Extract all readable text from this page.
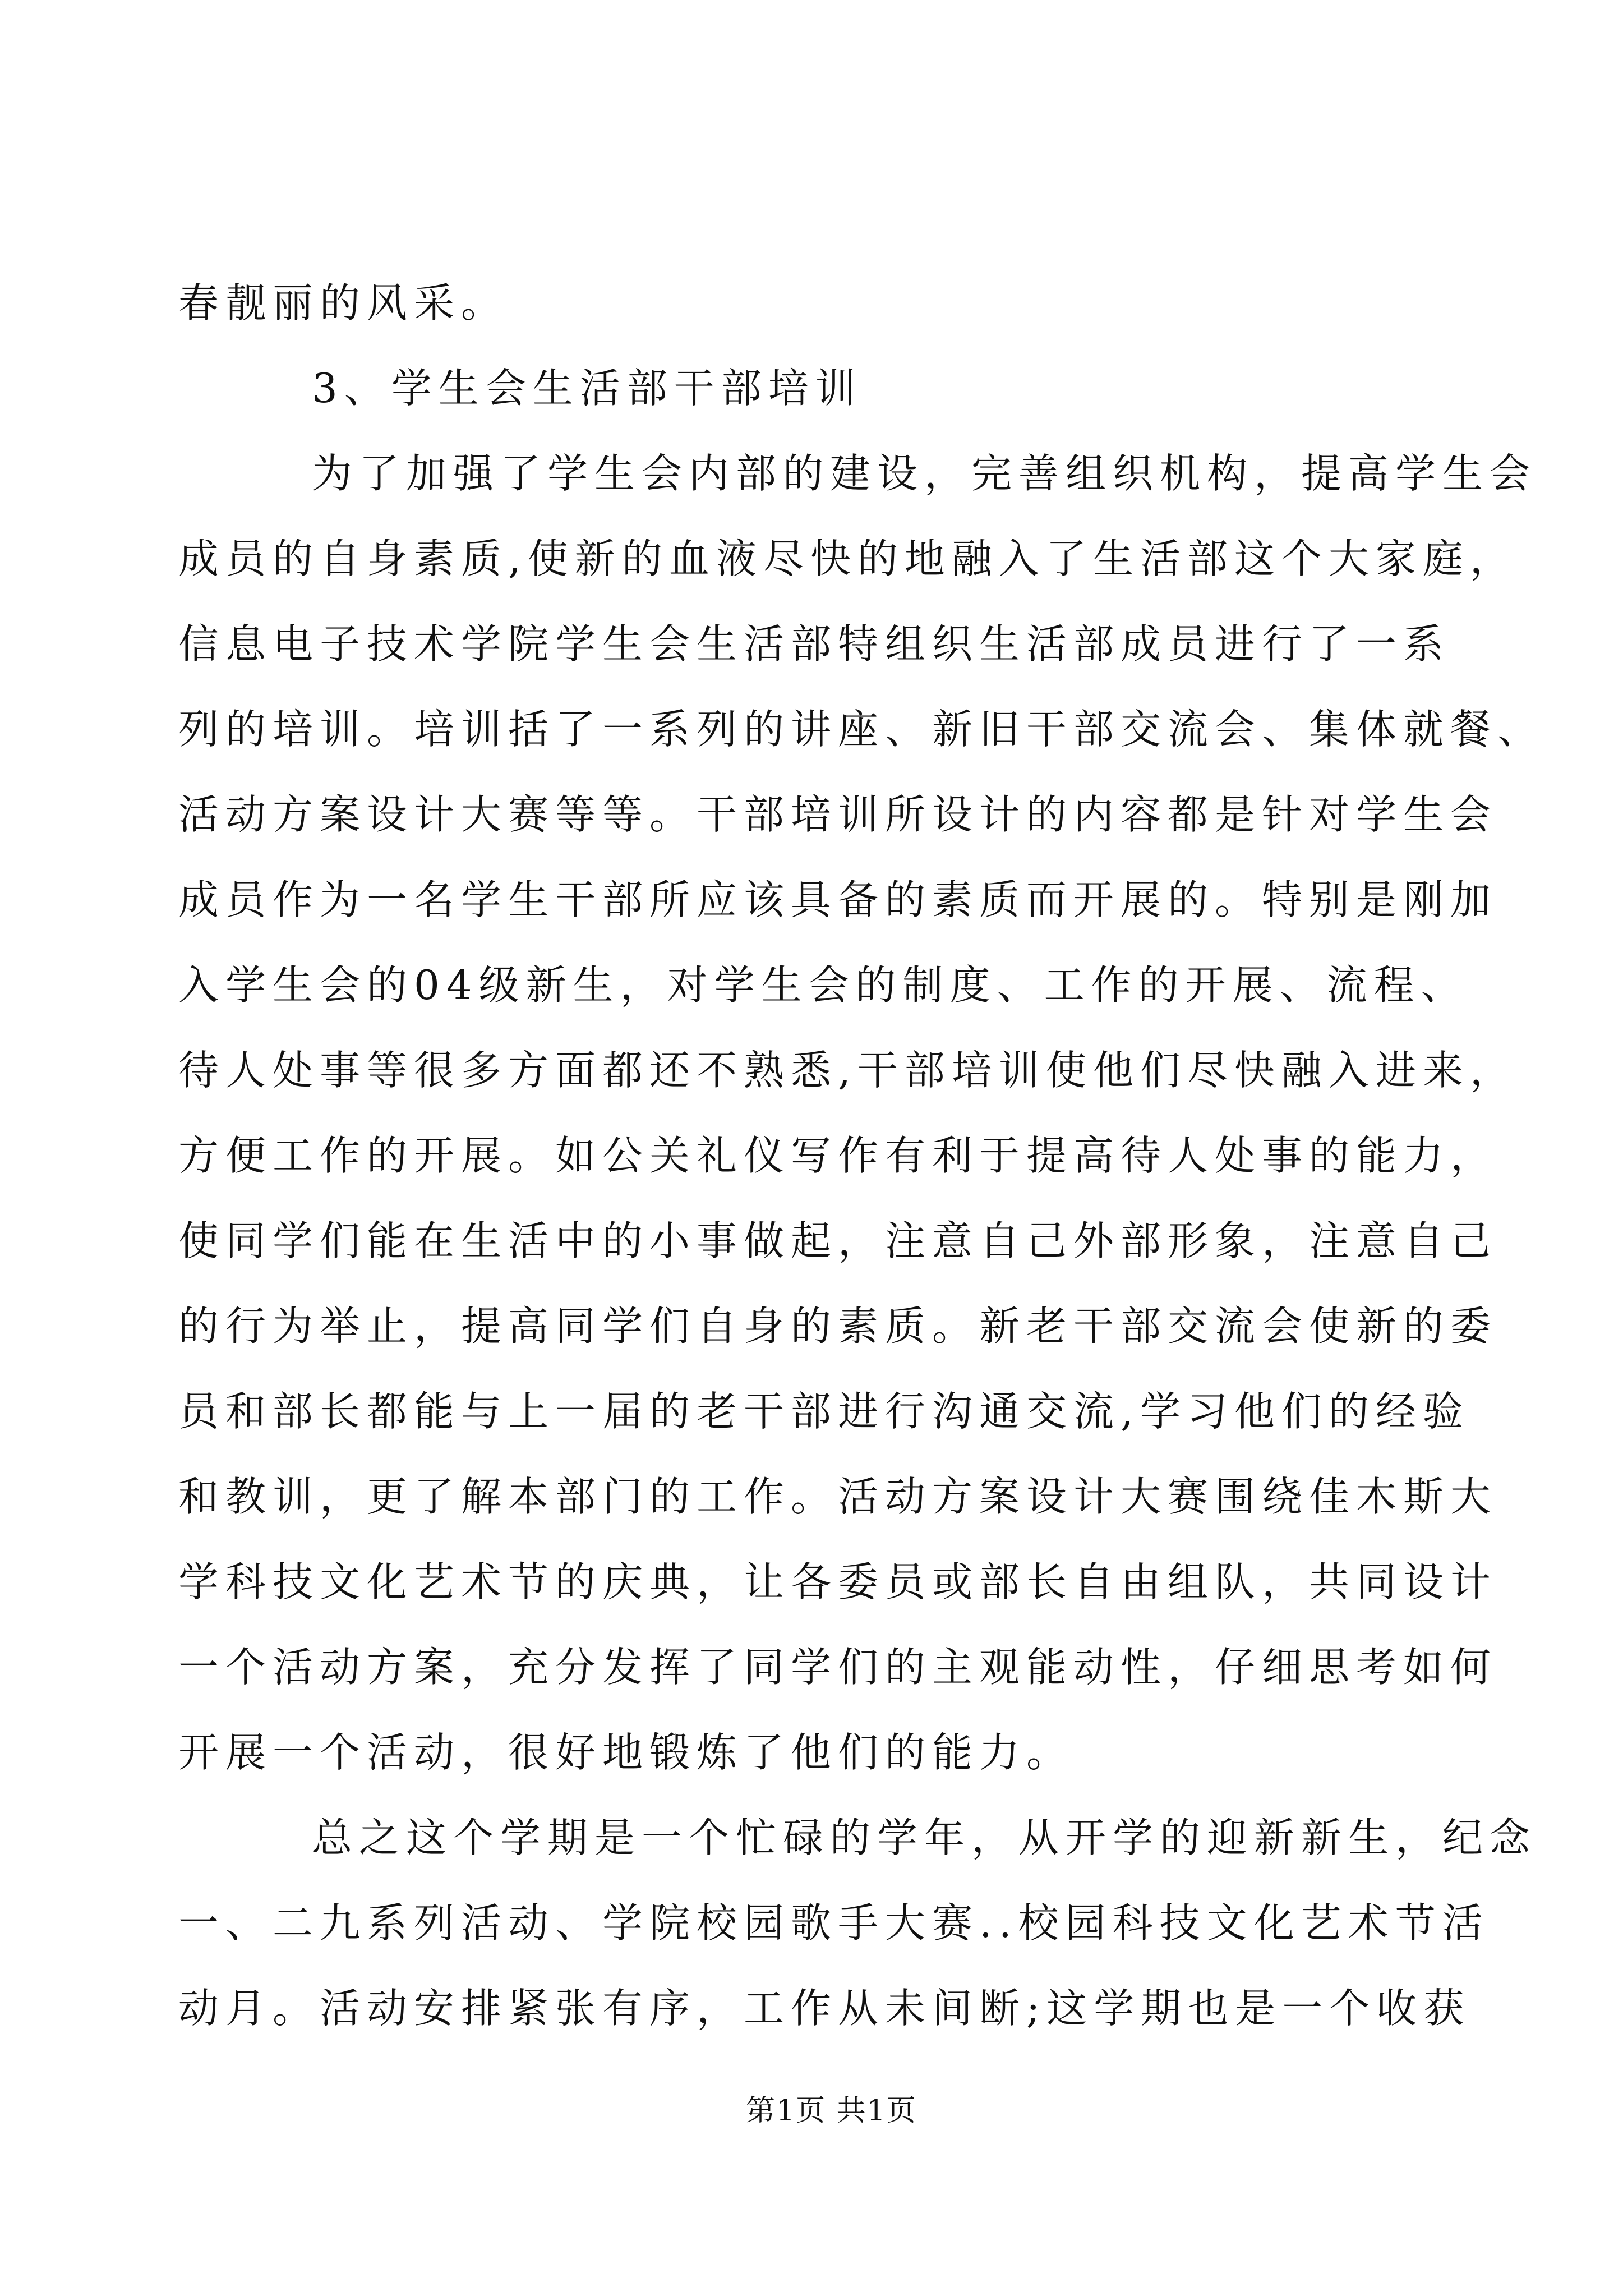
春靓丽的风采。
3、学生会生活部干部培训
为了加强了学生会内部的建设，完善组织机构，提高学生会
成员的自身素质,使新的血液尽快的地融入了生活部这个大家庭，
信息电子技术学院学生会生活部特组织生活部成员进行了一系
列的培训。培训括了一系列的讲座、新旧干部交流会、集体就餐、
活动方案设计大赛等等。干部培训所设计的内容都是针对学生会
成员作为一名学生干部所应该具备的素质而开展的。特别是刚加
入学生会的04级新生，对学生会的制度、工作的开展、流程、
待人处事等很多方面都还不熟悉,干部培训使他们尽快融入进来，
方便工作的开展。如公关礼仪写作有利于提高待人处事的能力，
使同学们能在生活中的小事做起，注意自己外部形象，注意自己
的行为举止，提高同学们自身的素质。新老干部交流会使新的委
员和部长都能与上一届的老干部进行沟通交流,学习他们的经验
和教训，更了解本部门的工作。活动方案设计大赛围绕佳木斯大
学科技文化艺术节的庆典，让各委员或部长自由组队，共同设计
一个活动方案，充分发挥了同学们的主观能动性，仔细思考如何
开展一个活动，很好地锻炼了他们的能力。
总之这个学期是一个忙碌的学年，从开学的迎新新生，纪念
一、二九系列活动、学院校园歌手大赛..校园科技文化艺术节活
动月。活动安排紧张有序，工作从未间断;这学期也是一个收获
第1页 共1页
